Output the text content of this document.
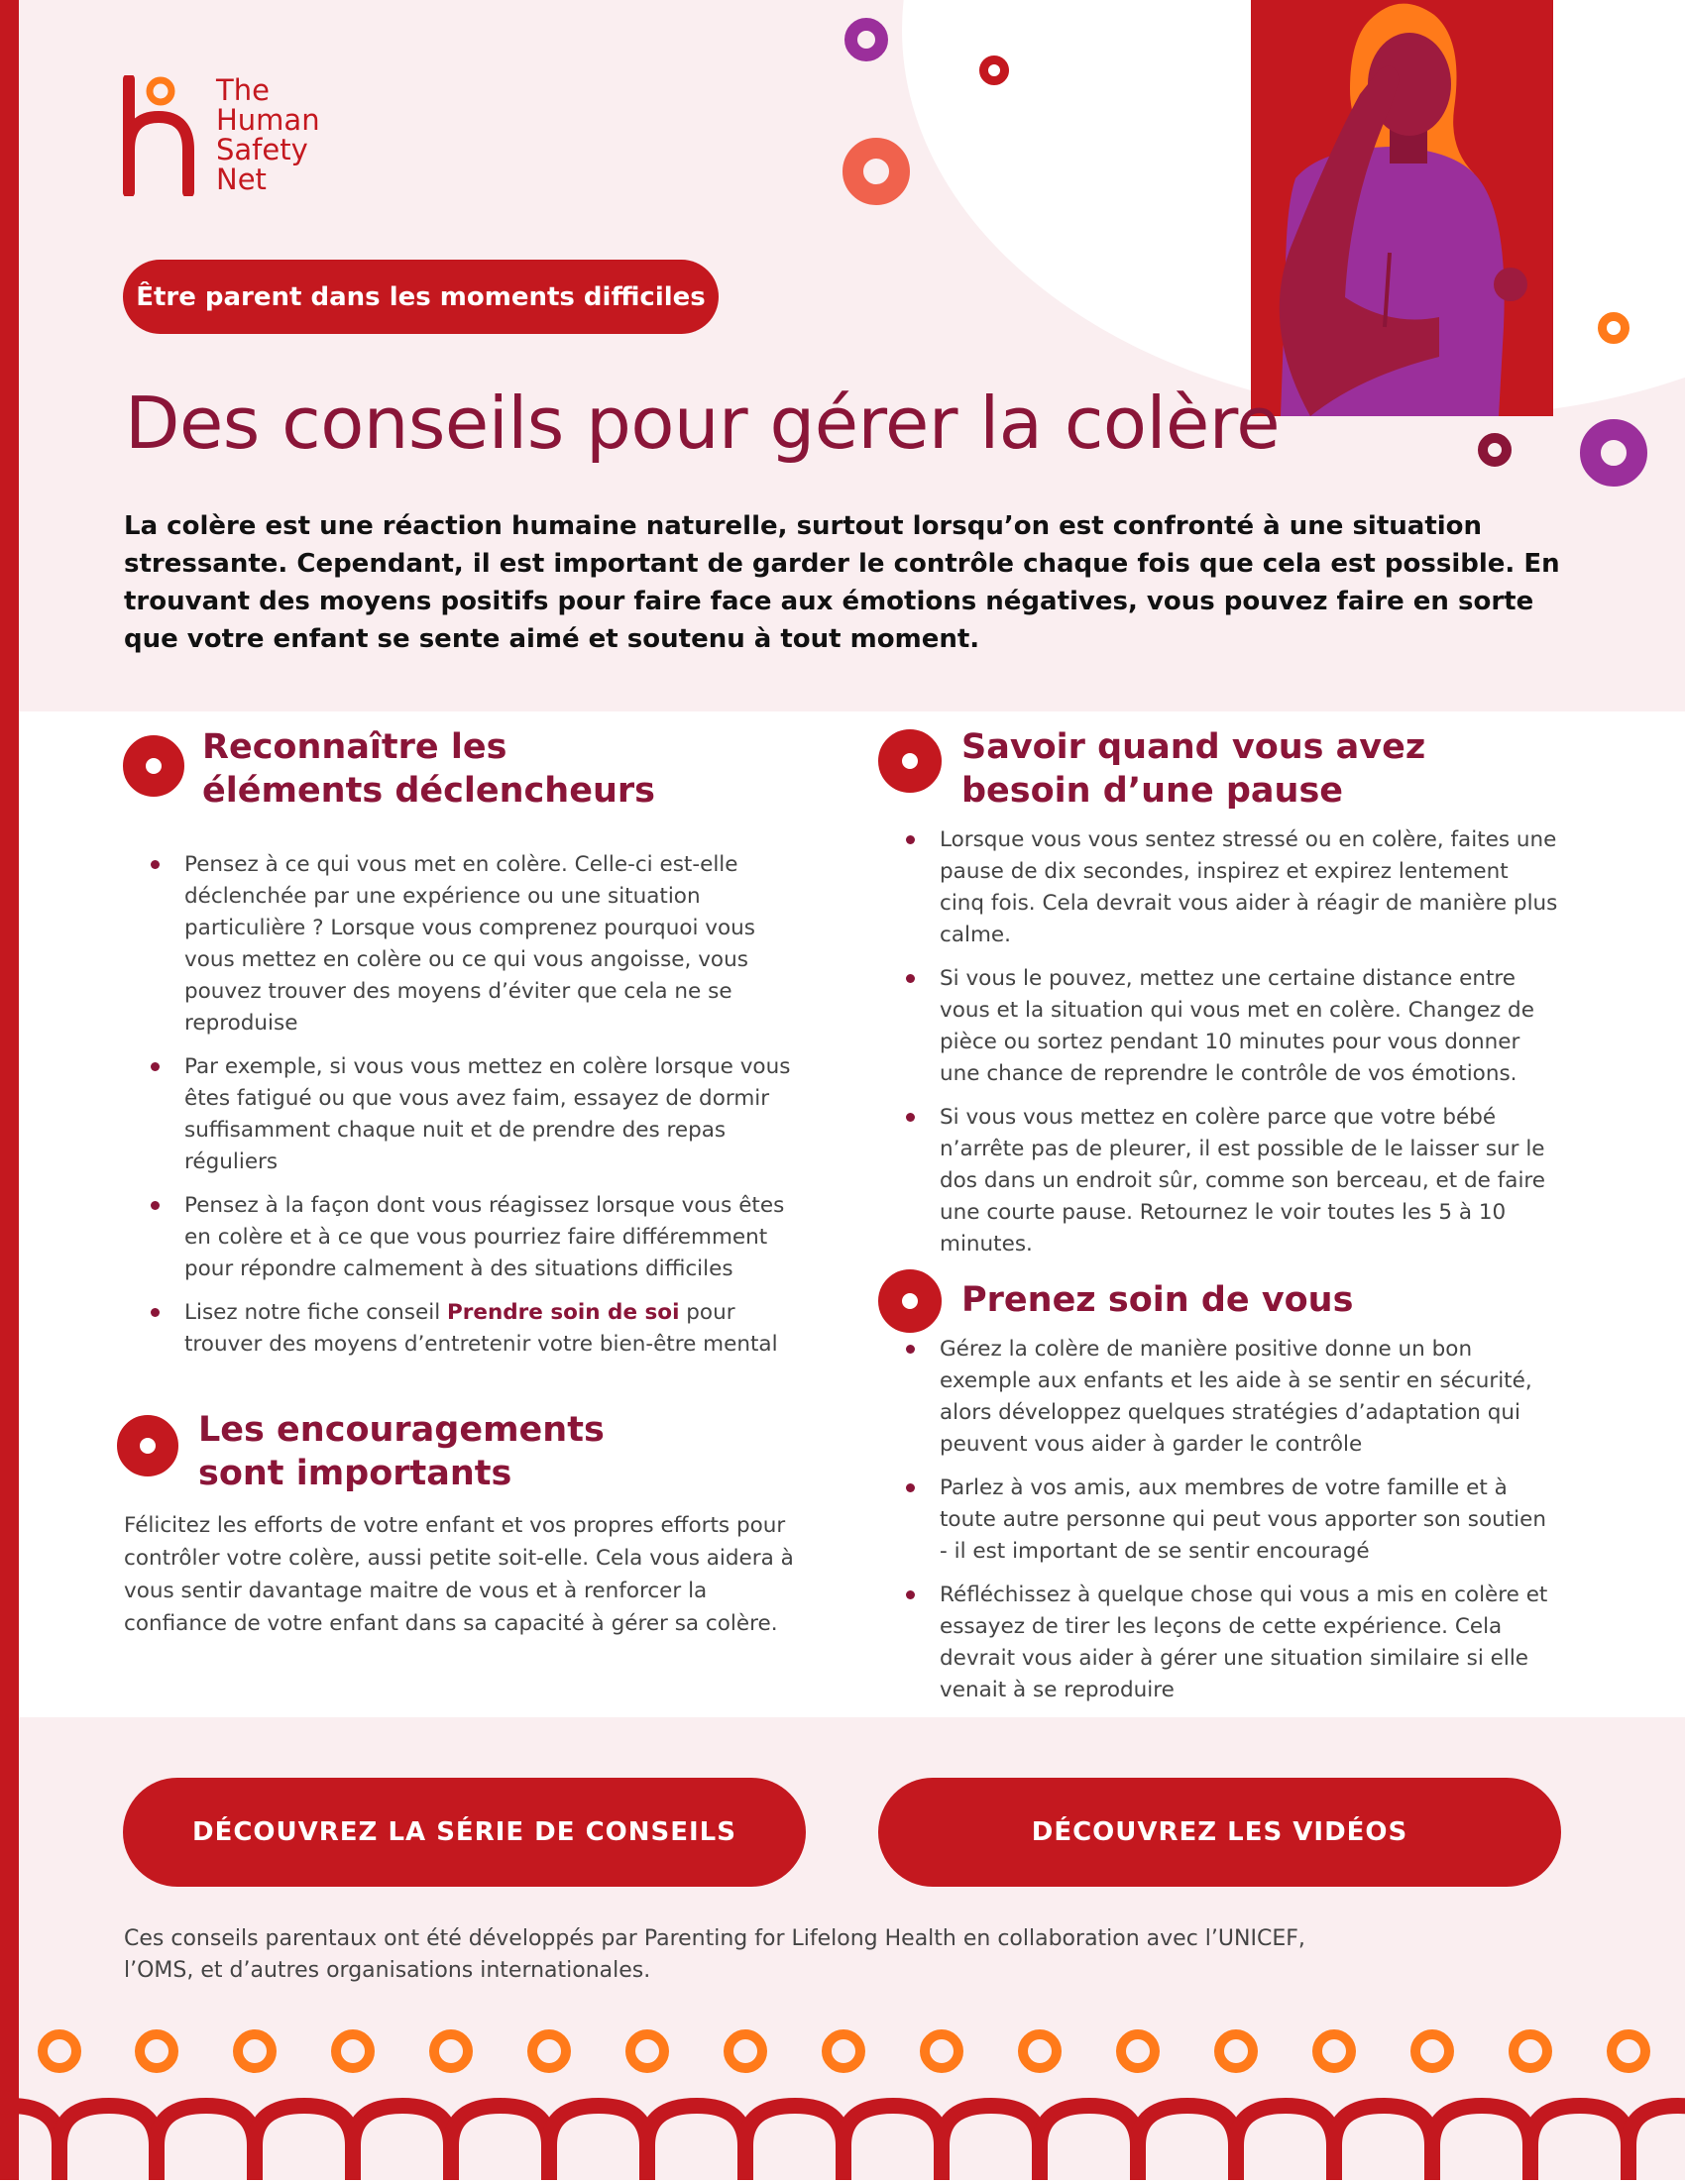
The
Human
Safety
Net
Être parent dans les moments difficiles
Des conseils pour gérer la colère
La colère est une réaction humaine naturelle, surtout lorsqu’on est confronté à une situation stressante. Cependant, il est important de garder le contrôle chaque fois que cela est possible. En trouvant des moyens positifs pour faire face aux émotions négatives, vous pouvez faire en sorte que votre enfant se sente aimé et soutenu à tout moment.
Reconnaître les éléments déclencheurs
Pensez à ce qui vous met en colère. Celle-ci est-elle déclenchée par une expérience ou une situation particulière ? Lorsque vous comprenez pourquoi vous vous mettez en colère ou ce qui vous angoisse, vous pouvez trouver des moyens d’éviter que cela ne se reproduise
Par exemple, si vous vous mettez en colère lorsque vous êtes fatigué ou que vous avez faim, essayez de dormir suffisamment chaque nuit et de prendre des repas réguliers
Pensez à la façon dont vous réagissez lorsque vous êtes en colère et à ce que vous pourriez faire différemment pour répondre calmement à des situations difficiles
Lisez notre fiche conseil Prendre soin de soi pour trouver des moyens d’entretenir votre bien-être mental
Les encouragements sont importants
Félicitez les efforts de votre enfant et vos propres efforts pour contrôler votre colère, aussi petite soit-elle. Cela vous aidera à vous sentir davantage maitre de vous et à renforcer la confiance de votre enfant dans sa capacité à gérer sa colère.
Savoir quand vous avez besoin d’une pause
Lorsque vous vous sentez stressé ou en colère, faites une pause de dix secondes, inspirez et expirez lentement cinq fois. Cela devrait vous aider à réagir de manière plus calme.
Si vous le pouvez, mettez une certaine distance entre vous et la situation qui vous met en colère. Changez de pièce ou sortez pendant 10 minutes pour vous donner une chance de reprendre le contrôle de vos émotions.
Si vous vous mettez en colère parce que votre bébé n’arrête pas de pleurer, il est possible de le laisser sur le dos dans un endroit sûr, comme son berceau, et de faire une courte pause. Retournez le voir toutes les 5 à 10 minutes.
Prenez soin de vous
Gérez la colère de manière positive donne un bon exemple aux enfants et les aide à se sentir en sécurité, alors développez quelques stratégies d’adaptation qui peuvent vous aider à garder le contrôle
Parlez à vos amis, aux membres de votre famille et à toute autre personne qui peut vous apporter son soutien - il est important de se sentir encouragé
Réfléchissez à quelque chose qui vous a mis en colère et essayez de tirer les leçons de cette expérience. Cela devrait vous aider à gérer une situation similaire si elle venait à se reproduire
DÉCOUVREZ LA SÉRIE DE CONSEILS	DÉCOUVREZ LES VIDÉOS
Ces conseils parentaux ont été développés par Parenting for Lifelong Health en collaboration avec l’UNICEF, l’OMS, et d’autres organisations internationales.
